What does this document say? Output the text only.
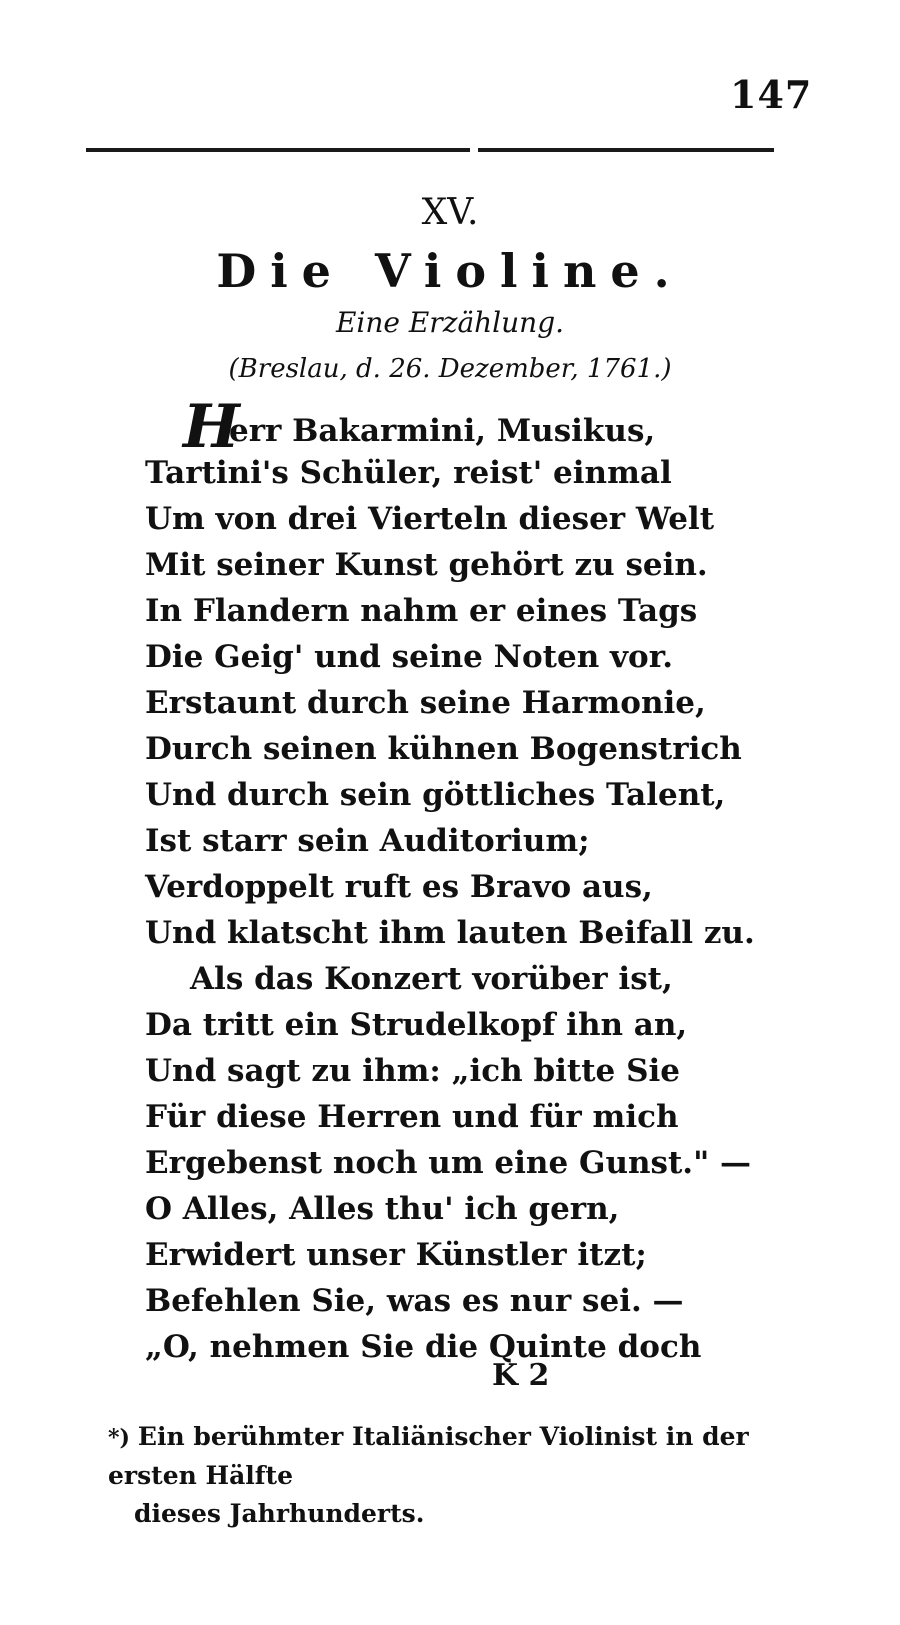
147
XV.
Die Violine.
Eine Erzählung.
(Breslau, d. 26. Dezember, 1761.)
Herr Bakarmini, Musikus,
Tartini's Schüler, reist' einmal
Um von drei Vierteln dieser Welt
Mit seiner Kunst gehört zu sein.
In Flandern nahm er eines Tags
Die Geig' und seine Noten vor.
Erstaunt durch seine Harmonie,
Durch seinen kühnen Bogenstrich
Und durch sein göttliches Talent,
Ist starr sein Auditorium;
Verdoppelt ruft es Bravo aus,
Und klatscht ihm lauten Beifall zu.
Als das Konzert vorüber ist,
Da tritt ein Strudelkopf ihn an,
Und sagt zu ihm: „ich bitte Sie
Für diese Herren und für mich
Ergebenst noch um eine Gunst." —
O Alles, Alles thu' ich gern,
Erwidert unser Künstler itzt;
Befehlen Sie, was es nur sei. —
„O, nehmen Sie die Quinte doch
K 2
*) Ein berühmter Italiänischer Violinist in der ersten Hälfte
dieses Jahrhunderts.
